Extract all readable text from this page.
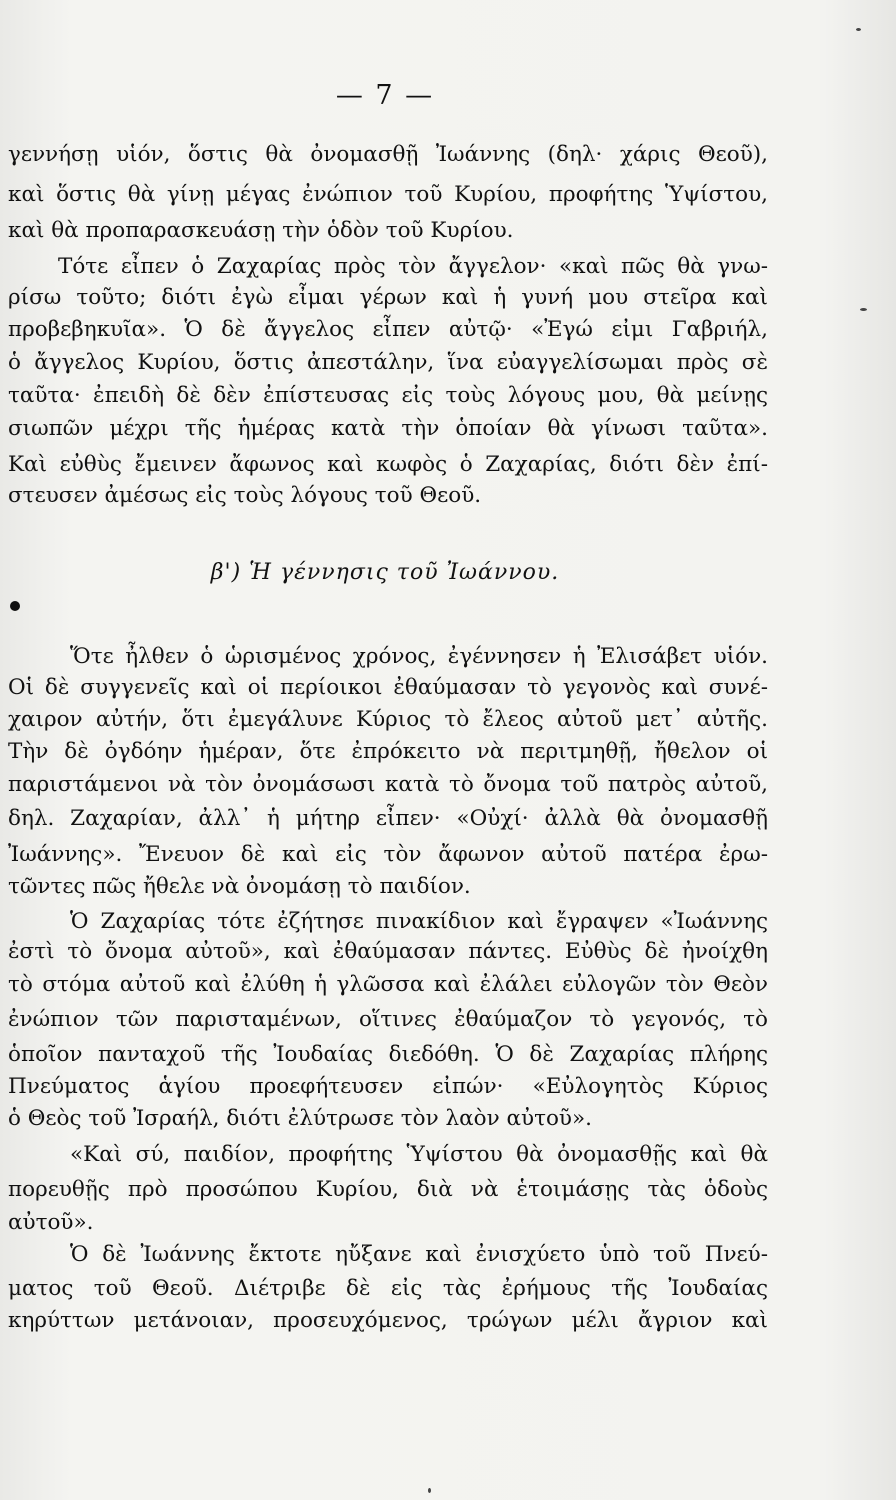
— 7 —
γεννήσῃ υἱόν, ὅστις θὰ ὀνομασθῇ Ἰωάννης (δηλ· χάρις Θεοῦ),
καὶ ὅστις θὰ γίνῃ μέγας ἐνώπιον τοῦ Κυρίου, προφήτης Ὑψίστου,
καὶ θὰ προπαρασκευάσῃ τὴν ὁδὸν τοῦ Κυρίου.
Τότε εἶπεν ὁ Ζαχαρίας πρὸς τὸν ἄγγελον· «καὶ πῶς θὰ γνω-
ρίσω τοῦτο; διότι ἐγὼ εἶμαι γέρων καὶ ἡ γυνή μου στεῖρα καὶ
προβεβηκυῖα». Ὁ δὲ ἄγγελος εἶπεν αὐτῷ· «Ἐγώ εἰμι Γαβριήλ,
ὁ ἄγγελος Κυρίου, ὅστις ἀπεστάλην, ἵνα εὐαγγελίσωμαι πρὸς σὲ
ταῦτα· ἐπειδὴ δὲ δὲν ἐπίστευσας εἰς τοὺς λόγους μου, θὰ μείνῃς
σιωπῶν μέχρι τῆς ἡμέρας κατὰ τὴν ὁποίαν θὰ γίνωσι ταῦτα».
Καὶ εὐθὺς ἔμεινεν ἄφωνος καὶ κωφὸς ὁ Ζαχαρίας, διότι δὲν ἐπί-
στευσεν ἀμέσως εἰς τοὺς λόγους τοῦ Θεοῦ.
β') Ἡ γέννησις τοῦ Ἰωάννου.
Ὅτε ἦλθεν ὁ ὡρισμένος χρόνος, ἐγέννησεν ἡ Ἐλισάβετ υἱόν.
Οἱ δὲ συγγενεῖς καὶ οἱ περίοικοι ἐθαύμασαν τὸ γεγονὸς καὶ συνέ-
χαιρον αὐτήν, ὅτι ἐμεγάλυνε Κύριος τὸ ἔλεος αὐτοῦ μετ᾿ αὐτῆς.
Τὴν δὲ ὀγδόην ἡμέραν, ὅτε ἐπρόκειτο νὰ περιτμηθῇ, ἤθελον οἱ
παριστάμενοι νὰ τὸν ὀνομάσωσι κατὰ τὸ ὄνομα τοῦ πατρὸς αὐτοῦ,
δηλ. Ζαχαρίαν, ἀλλ᾿ ἡ μήτηρ εἶπεν· «Οὐχί· ἀλλὰ θὰ ὀνομασθῇ
Ἰωάννης». Ἔνευον δὲ καὶ εἰς τὸν ἄφωνον αὐτοῦ πατέρα ἐρω-
τῶντες πῶς ἤθελε νὰ ὀνομάσῃ τὸ παιδίον.
Ὁ Ζαχαρίας τότε ἐζήτησε πινακίδιον καὶ ἔγραψεν «Ἰωάννης
ἐστὶ τὸ ὄνομα αὐτοῦ», καὶ ἐθαύμασαν πάντες. Εὐθὺς δὲ ἠνοίχθη
τὸ στόμα αὐτοῦ καὶ ἐλύθη ἡ γλῶσσα καὶ ἐλάλει εὐλογῶν τὸν Θεὸν
ἐνώπιον τῶν παρισταμένων, οἵτινες ἐθαύμαζον τὸ γεγονός, τὸ
ὁποῖον πανταχοῦ τῆς Ἰουδαίας διεδόθη. Ὁ δὲ Ζαχαρίας πλήρης
Πνεύματος ἁγίου προεφήτευσεν εἰπών· «Εὐλογητὸς Κύριος
ὁ Θεὸς τοῦ Ἰσραήλ, διότι ἐλύτρωσε τὸν λαὸν αὐτοῦ».
«Καὶ σύ, παιδίον, προφήτης Ὑψίστου θὰ ὀνομασθῇς καὶ θὰ
πορευθῇς πρὸ προσώπου Κυρίου, διὰ νὰ ἑτοιμάσῃς τὰς ὁδοὺς
αὐτοῦ».
Ὁ δὲ Ἰωάννης ἔκτοτε ηὔξανε καὶ ἐνισχύετο ὑπὸ τοῦ Πνεύ-
ματος τοῦ Θεοῦ. Διέτριβε δὲ εἰς τὰς ἐρήμους τῆς Ἰουδαίας
κηρύττων μετάνοιαν, προσευχόμενος, τρώγων μέλι ἄγριον καὶ
